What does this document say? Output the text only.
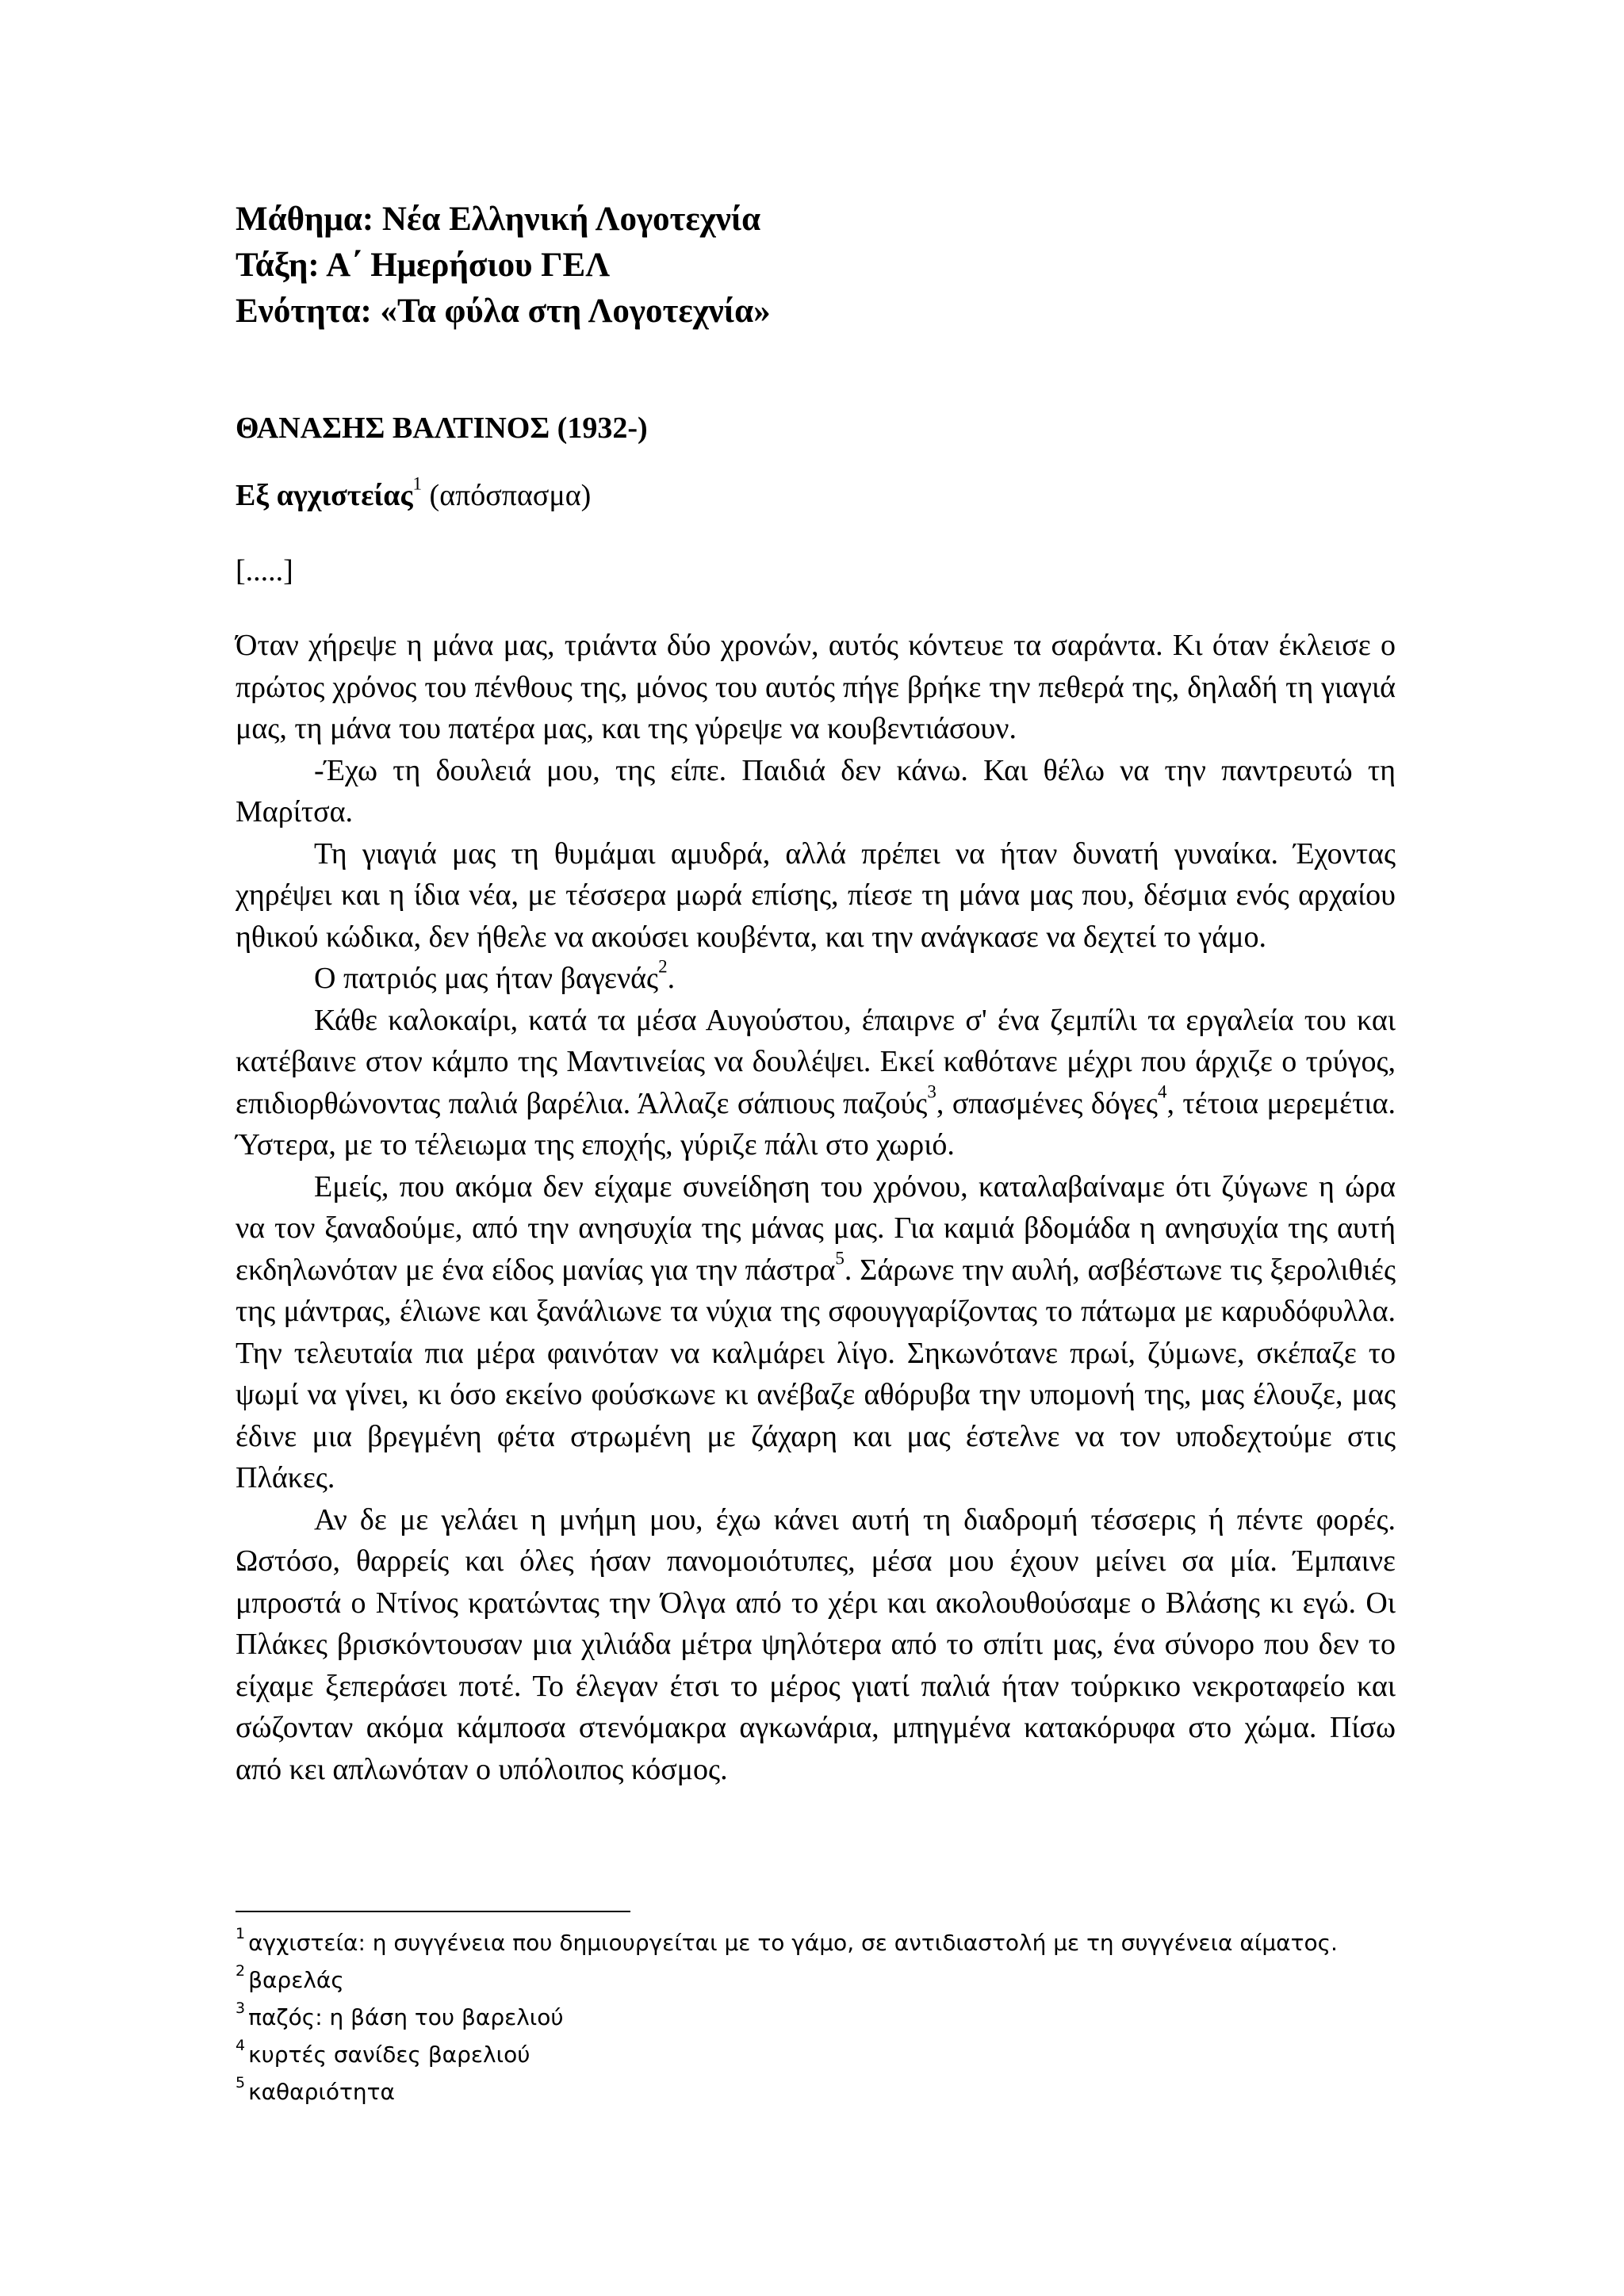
Μάθημα: Νέα Ελληνική Λογοτεχνία
Τάξη: Α΄ Ημερήσιου ΓΕΛ
Ενότητα: «Τα φύλα στη Λογοτεχνία»
ΘΑΝΑΣΗΣ ΒΑΛΤΙΝΟΣ (1932-)
Εξ αγχιστείας$^1$ (απόσπασμα)
[.....]

Όταν χήρεψε η μάνα μας, τριάντα δύο χρονών, αυτός κόντευε τα σαράντα. Κι όταν έκλεισε ο πρώτος χρόνος του πένθους της, μόνος του αυτός πήγε βρήκε την πεθερά της, δηλαδή τη γιαγιά μας, τη μάνα του πατέρα μας, και της γύρεψε να κουβεντιάσουν.

-Έχω τη δουλειά μου, της είπε. Παιδιά δεν κάνω. Και θέλω να την παντρευτώ τη Μαρίτσα.

Τη γιαγιά μας τη θυμάμαι αμυδρά, αλλά πρέπει να ήταν δυνατή γυναίκα. Έχοντας χηρέψει και η ίδια νέα, με τέσσερα μωρά επίσης, πίεσε τη μάνα μας που, δέσμια ενός αρχαίου ηθικού κώδικα, δεν ήθελε να ακούσει κουβέντα, και την ανάγκασε να δεχτεί το γάμο.

Ο πατριός μας ήταν βαγενάς$^2$.

Κάθε καλοκαίρι, κατά τα μέσα Αυγούστου, έπαιρνε σ' ένα ζεμπίλι τα εργαλεία του και κατέβαινε στον κάμπο της Μαντινείας να δουλέψει. Εκεί καθότανε μέχρι που άρχιζε ο τρύγος, επιδιορθώνοντας παλιά βαρέλια. Άλλαζε σάπιους παζούς$^3$, σπασμένες δόγες$^4$, τέτοια μερεμέτια. Ύστερα, με το τέλειωμα της εποχής, γύριζε πάλι στο χωριό.

Εμείς, που ακόμα δεν είχαμε συνείδηση του χρόνου, καταλαβαίναμε ότι ζύγωνε η ώρα να τον ξαναδούμε, από την ανησυχία της μάνας μας. Για καμιά βδομάδα η ανησυχία της αυτή εκδηλωνόταν με ένα είδος μανίας για την πάστρα$^5$. Σάρωνε την αυλή, ασβέστωνε τις ξερολιθιές της μάντρας, έλιωνε και ξανάλιωνε τα νύχια της σφουγγαρίζοντας το πάτωμα με καρυδόφυλλα. Την τελευταία πια μέρα φαινόταν να καλμάρει λίγο. Σηκωνότανε πρωί, ζύμωνε, σκέπαζε το ψωμί να γίνει, κι όσο εκείνο φούσκωνε κι ανέβαζε αθόρυβα την υπομονή της, μας έλουζε, μας έδινε μια βρεγμένη φέτα στρωμένη με ζάχαρη και μας έστελνε να τον υποδεχτούμε στις Πλάκες.

Αν δε με γελάει η μνήμη μου, έχω κάνει αυτή τη διαδρομή τέσσερις ή πέντε φορές. Ωστόσο, θαρρείς και όλες ήσαν πανομοιότυπες, μέσα μου έχουν μείνει σα μία. Έμπαινε μπροστά ο Ντίνος κρατώντας την Όλγα από το χέρι και ακολουθούσαμε ο Βλάσης κι εγώ. Οι Πλάκες βρισκόντουσαν μια χιλιάδα μέτρα ψηλότερα από το σπίτι μας, ένα σύνορο που δεν το είχαμε ξεπεράσει ποτέ. Το έλεγαν έτσι το μέρος γιατί παλιά ήταν τούρκικο νεκροταφείο και σώζονταν ακόμα κάμποσα στενόμακρα αγκωνάρια, μπηγμένα κατακόρυφα στο χώμα. Πίσω από κει απλωνόταν ο υπόλοιπος κόσμος.

$^1$ αγχιστεία: η συγγένεια που δημιουργείται με το γάμο, σε αντιδιαστολή με τη συγγένεια αίματος.
$^2$ βαρελάς
$^3$ παζός: η βάση του βαρελιού
$^4$ κυρτές σανίδες βαρελιού
$^5$ καθαριότητα
